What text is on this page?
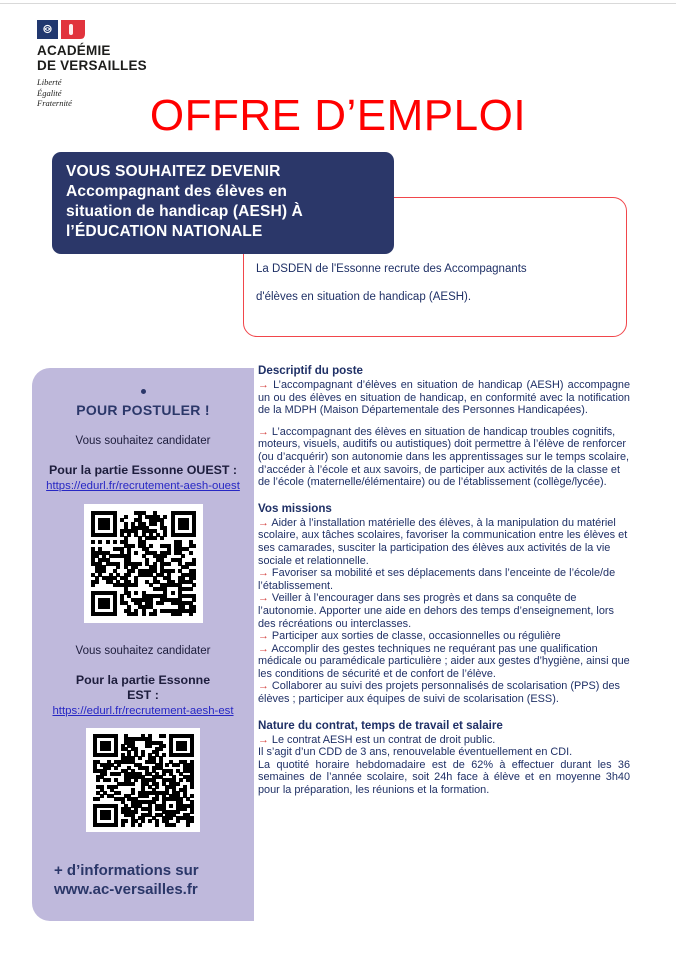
ACADÉMIE
DE VERSAILLES
Liberté
Égalité
Fraternité	OFFRE D’EMPLOI
La DSDEN de l'Essonne recrute des Accompagnants
d'élèves en situation de handicap (AESH).
VOUS SOUHAITEZ DEVENIR
Accompagnant des élèves en
situation de handicap (AESH) À
l’ÉDUCATION NATIONALE
POUR POSTULER !
Vous souhaitez candidater
Pour la partie Essonne OUEST :
https://edurl.fr/recrutement-aesh-ouest
Vous souhaitez candidater
Pour la partie Essonne
EST :
https://edurl.fr/recrutement-aesh-est
+ d’informations sur
www.ac-versailles.fr
Descriptif du poste

→ L’accompagnant d’élèves en situation de handicap (AESH) accompagne un ou des élèves en situation de handicap, en conformité avec la notification de la MDPH (Maison Départementale des Personnes Handicapées).

→ L’accompagnant des élèves en situation de handicap troubles cognitifs, moteurs, visuels, auditifs ou autistiques) doit permettre à l’élève de renforcer (ou d’acquérir) son autonomie dans les apprentissages sur le temps scolaire, d’accéder à l’école et aux savoirs, de participer aux activités de la classe et de l’école (maternelle/élémentaire) ou de l’établissement (collège/lycée).

Vos missions

→ Aider à l’installation matérielle des élèves, à la manipulation du matériel scolaire, aux tâches scolaires, favoriser la communication entre les élèves et ses camarades, susciter la participation des élèves aux activités de la vie sociale et relationnelle.

→ Favoriser sa mobilité et ses déplacements dans l’enceinte de l’école/de l’établissement.

→ Veiller à l’encourager dans ses progrès et dans sa conquête de l’autonomie. Apporter une aide en dehors des temps d’enseignement, lors des récréations ou interclasses.

→ Participer aux sorties de classe, occasionnelles ou régulière

→ Accomplir des gestes techniques ne requérant pas une qualification médicale ou paramédicale particulière ; aider aux gestes d’hygiène, ainsi que les conditions de sécurité et de confort de l’élève.

→ Collaborer au suivi des projets personnalisés de scolarisation (PPS) des élèves ; participer aux équipes de suivi de scolarisation (ESS).

Nature du contrat, temps de travail et salaire

→ Le contrat AESH est un contrat de droit public.

Il s’agit d’un CDD de 3 ans, renouvelable éventuellement en CDI.

La quotité horaire hebdomadaire est de 62% à effectuer durant les 36 semaines de l’année scolaire, soit 24h face à élève et en moyenne 3h40 pour la préparation, les réunions et la formation.
